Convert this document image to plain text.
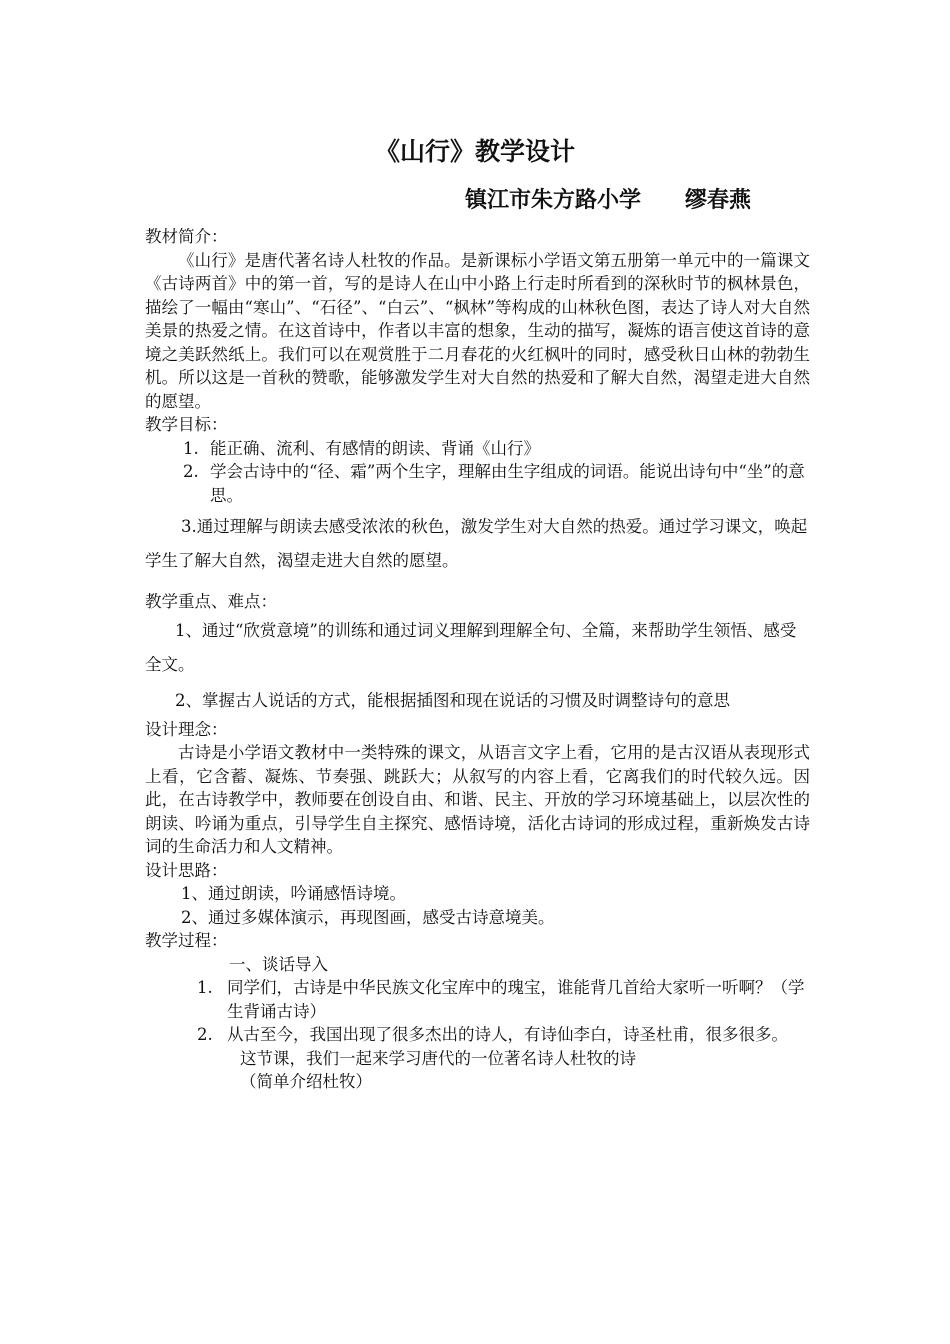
《山行》教学设计
镇江市朱方路小学　　缪春燕

教材简介：

《山行》是唐代著名诗人杜牧的作品。是新课标小学语文第五册第一单元中的一篇课文《古诗两首》中的第一首，写的是诗人在山中小路上行走时所看到的深秋时节的枫林景色，描绘了一幅由“寒山”、“石径”、“白云”、“枫林”等构成的山林秋色图，表达了诗人对大自然美景的热爱之情。在这首诗中，作者以丰富的想象，生动的描写，凝炼的语言使这首诗的意境之美跃然纸上。我们可以在观赏胜于二月春花的火红枫叶的同时，感受秋日山林的勃勃生机。所以这是一首秋的赞歌，能够激发学生对大自然的热爱和了解大自然，渴望走进大自然的愿望。

教学目标：

1. 能正确、流利、有感情的朗读、背诵《山行》
2. 学会古诗中的“径、霜”两个生字，理解由生字组成的词语。能说出诗句中“坐”的意思。

3.通过理解与朗读去感受浓浓的秋色，激发学生对大自然的热爱。通过学习课文，唤起学生了解大自然，渴望走进大自然的愿望。

教学重点、难点：

1、通过“欣赏意境”的训练和通过词义理解到理解全句、全篇，来帮助学生领悟、感受全文。

2、掌握古人说话的方式，能根据插图和现在说话的习惯及时调整诗句的意思

设计理念：

古诗是小学语文教材中一类特殊的课文，从语言文字上看，它用的是古汉语从表现形式上看，它含蓄、凝炼、节奏强、跳跃大；从叙写的内容上看，它离我们的时代较久远。因此，在古诗教学中，教师要在创设自由、和谐、民主、开放的学习环境基础上，以层次性的朗读、吟诵为重点，引导学生自主探究、感悟诗境，活化古诗词的形成过程，重新焕发古诗词的生命活力和人文精神。

设计思路：

1、通过朗读，吟诵感悟诗境。

2、通过多媒体演示，再现图画，感受古诗意境美。

教学过程：

一、谈话导入

1. 同学们，古诗是中华民族文化宝库中的瑰宝，谁能背几首给大家听一听啊？（学生背诵古诗）
2. 从古至今，我国出现了很多杰出的诗人，有诗仙李白，诗圣杜甫，很多很多。

这节课，我们一起来学习唐代的一位著名诗人杜牧的诗

（简单介绍杜牧）
